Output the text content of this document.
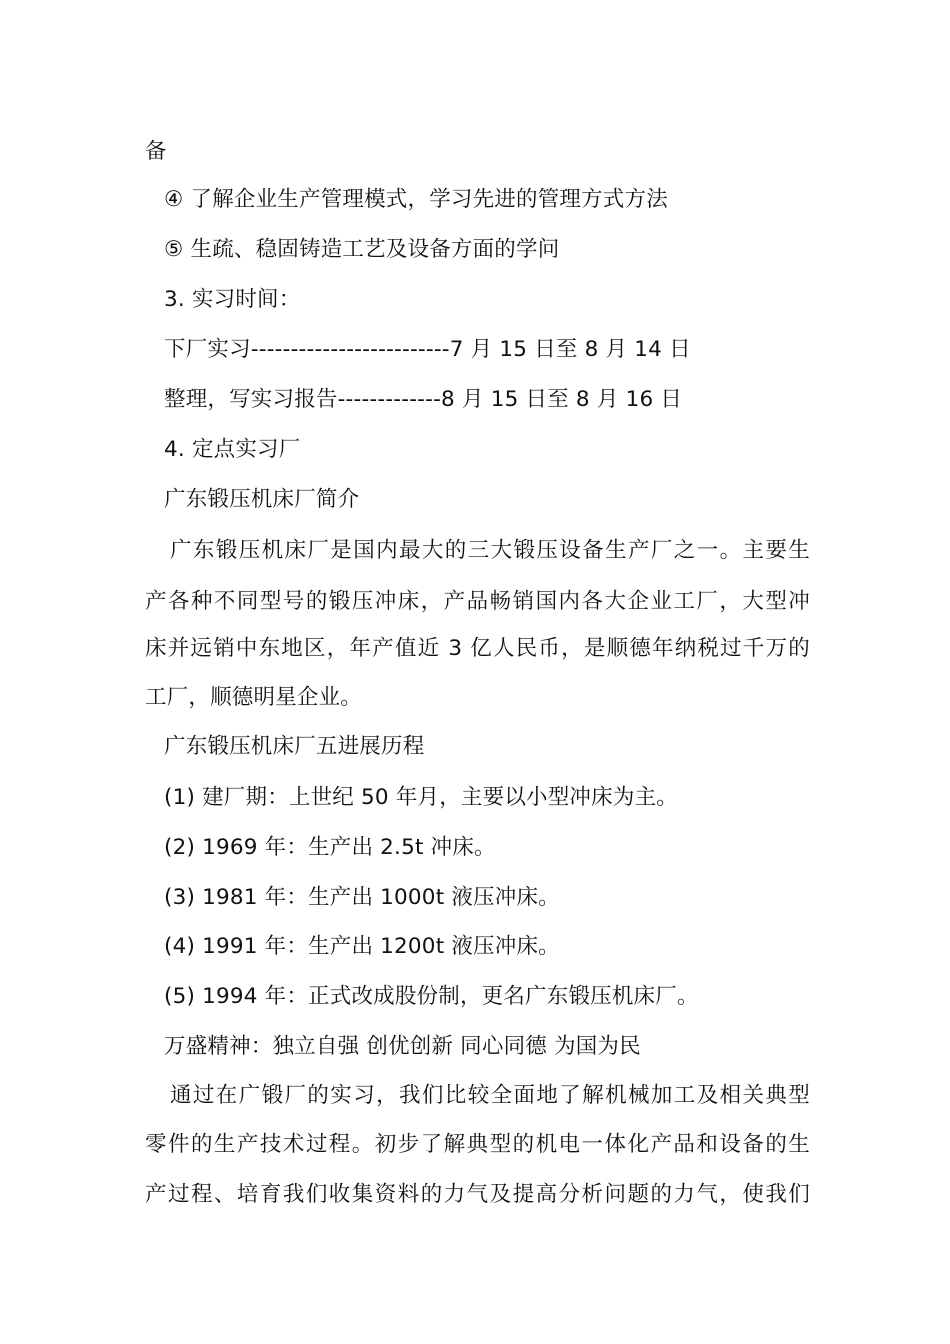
备
④ 了解企业生产管理模式，学习先进的管理方式方法
⑤ 生疏、稳固铸造工艺及设备方面的学问
3. 实习时间：
下厂实习-------------------------7 月 15 日至 8 月 14 日
整理，写实习报告-------------8 月 15 日至 8 月 16 日
4. 定点实习厂
广东锻压机床厂简介
广东锻压机床厂是国内最大的三大锻压设备生产厂之一。主要生
产各种不同型号的锻压冲床，产品畅销国内各大企业工厂，大型冲
床并远销中东地区，年产值近 3 亿人民币，是顺德年纳税过千万的
工厂，顺德明星企业。
广东锻压机床厂五进展历程
(1) 建厂期：上世纪 50 年月，主要以小型冲床为主。
(2) 1969 年：生产出 2.5t 冲床。
(3) 1981 年：生产出 1000t 液压冲床。
(4) 1991 年：生产出 1200t 液压冲床。
(5) 1994 年：正式改成股份制，更名广东锻压机床厂。
万盛精神：独立自强 创优创新 同心同德 为国为民
通过在广锻厂的实习，我们比较全面地了解机械加工及相关典型
零件的生产技术过程。初步了解典型的机电一体化产品和设备的生
产过程、培育我们收集资料的力气及提高分析问题的力气，使我们
